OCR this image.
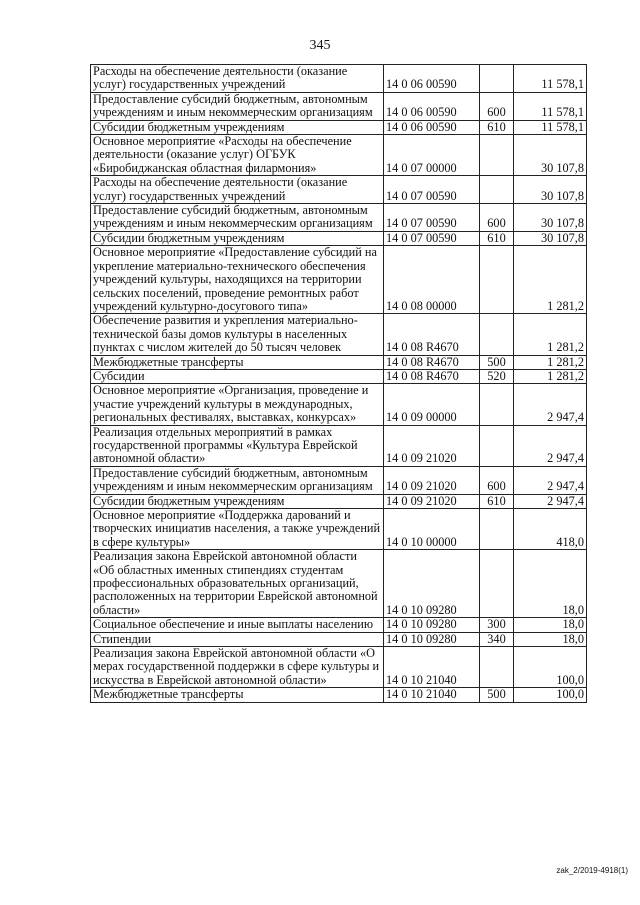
345
Расходы на обеспечение деятельности (оказание услуг) государственных учреждений	14 0 06 00590		11 578,1
Предоставление субсидий бюджетным, автономным учреждениям и иным некоммерческим организациям	14 0 06 00590	600	11 578,1
Субсидии бюджетным учреждениям	14 0 06 00590	610	11 578,1
Основное мероприятие «Расходы на обеспечение деятельности (оказание услуг) ОГБУК «Биробиджанская областная филармония»	14 0 07 00000		30 107,8
Расходы на обеспечение деятельности (оказание услуг) государственных учреждений	14 0 07 00590		30 107,8
Предоставление субсидий бюджетным, автономным учреждениям и иным некоммерческим организациям	14 0 07 00590	600	30 107,8
Субсидии бюджетным учреждениям	14 0 07 00590	610	30 107,8
Основное мероприятие «Предоставление субсидий на укрепление материально-технического обеспечения учреждений культуры, находящихся на территории сельских поселений, проведение ремонтных работ учреждений культурно-досугового типа»	14 0 08 00000		1 281,2
Обеспечение развития и укрепления материально-технической базы домов культуры в населенных пунктах с числом жителей до 50 тысяч человек	14 0 08 R4670		1 281,2
Межбюджетные трансферты	14 0 08 R4670	500	1 281,2
Субсидии	14 0 08 R4670	520	1 281,2
Основное мероприятие «Организация, проведение и участие учреждений культуры в международных, региональных фестивалях, выставках, конкурсах»	14 0 09 00000		2 947,4
Реализация отдельных мероприятий в рамках государственной программы «Культура Еврейской автономной области»	14 0 09 21020		2 947,4
Предоставление субсидий бюджетным, автономным учреждениям и иным некоммерческим организациям	14 0 09 21020	600	2 947,4
Субсидии бюджетным учреждениям	14 0 09 21020	610	2 947,4
Основное мероприятие «Поддержка дарований и творческих инициатив населения, а также учреждений в сфере культуры»	14 0 10 00000		418,0
Реализация закона Еврейской автономной области «Об областных именных стипендиях студентам профессиональных образовательных организаций, расположенных на территории Еврейской автономной области»	14 0 10 09280		18,0
Социальное обеспечение и иные выплаты населению	14 0 10 09280	300	18,0
Стипендии	14 0 10 09280	340	18,0
Реализация закона Еврейской автономной области «О мерах государственной поддержки в сфере культуры и искусства в Еврейской автономной области»	14 0 10 21040		100,0
Межбюджетные трансферты	14 0 10 21040	500	100,0
zak_2/2019-4918(1)
